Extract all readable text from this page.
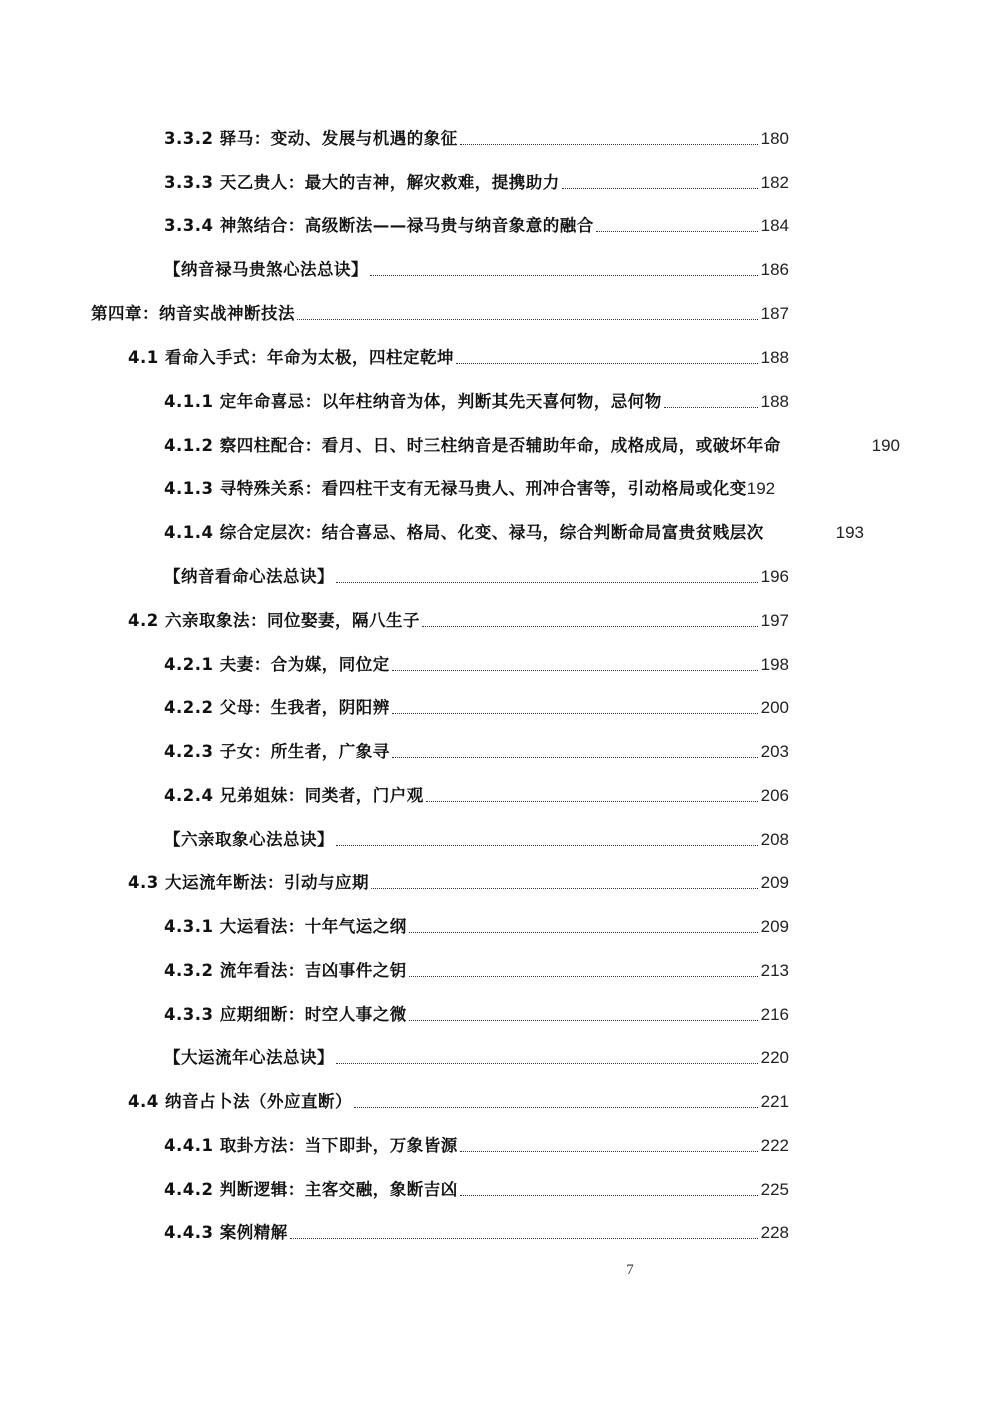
3.3.2 驿马：变动、发展与机遇的象征	180
3.3.3 天乙贵人：最大的吉神，解灾救难，提携助力	182
3.3.4 神煞结合：高级断法——禄马贵与纳音象意的融合	184
【纳音禄马贵煞心法总诀】	186
第四章：纳音实战神断技法	187
4.1 看命入手式：年命为太极，四柱定乾坤	188
4.1.1 定年命喜忌：以年柱纳音为体，判断其先天喜何物，忌何物	188
4.1.2 察四柱配合：看月、日、时三柱纳音是否辅助年命，成格成局，或破坏年命	190
4.1.3 寻特殊关系：看四柱干支有无禄马贵人、刑冲合害等，引动格局或化变 192
4.1.4 综合定层次：结合喜忌、格局、化变、禄马，综合判断命局富贵贫贱层次	193
【纳音看命心法总诀】	196
4.2 六亲取象法：同位娶妻，隔八生子	197
4.2.1 夫妻：合为媒，同位定	198
4.2.2 父母：生我者，阴阳辨	200
4.2.3 子女：所生者，广象寻	203
4.2.4 兄弟姐妹：同类者，门户观	206
【六亲取象心法总诀】	208
4.3 大运流年断法：引动与应期	209
4.3.1 大运看法：十年气运之纲	209
4.3.2 流年看法：吉凶事件之钥	213
4.3.3 应期细断：时空人事之微	216
【大运流年心法总诀】	220
4.4 纳音占卜法（外应直断）	221
4.4.1 取卦方法：当下即卦，万象皆源	222
4.4.2 判断逻辑：主客交融，象断吉凶	225
4.4.3 案例精解	228
7
